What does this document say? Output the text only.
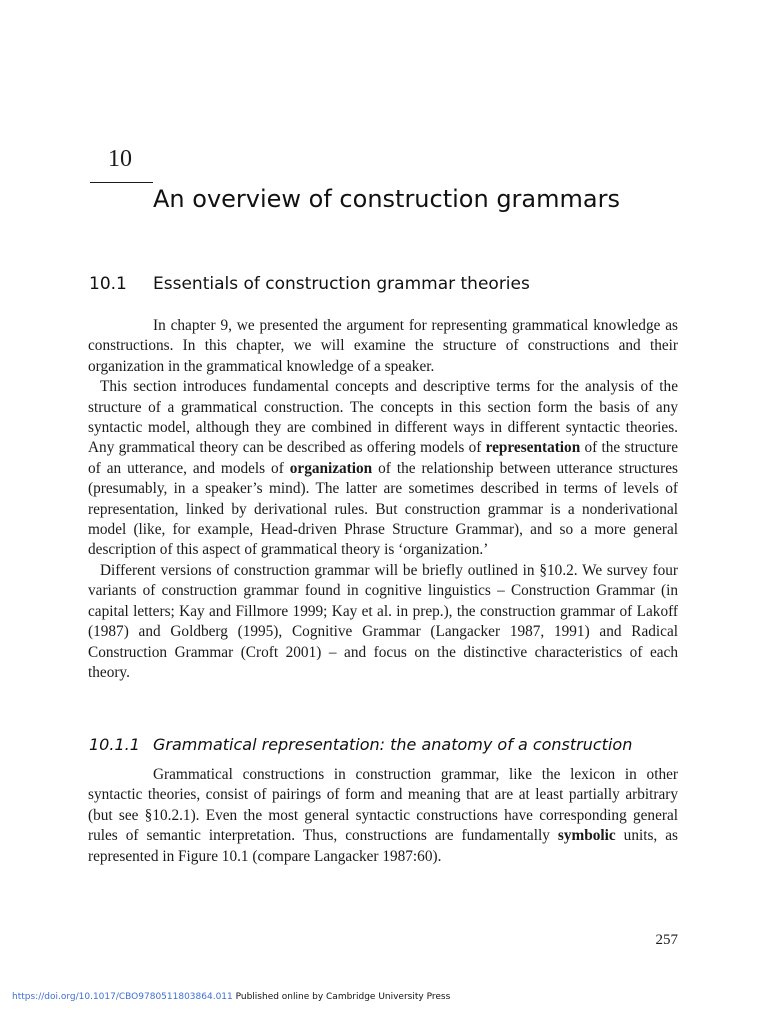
10
An overview of construction grammars
10.1 Essentials of construction grammar theories

In chapter 9, we presented the argument for representing grammatical knowledge as constructions. In this chapter, we will examine the structure of constructions and their organization in the grammatical knowledge of a speaker.

This section introduces fundamental concepts and descriptive terms for the analysis of the structure of a grammatical construction. The concepts in this section form the basis of any syntactic model, although they are combined in different ways in different syntactic theories. Any grammatical theory can be described as offering models of representation of the structure of an utterance, and models of organization of the relationship between utterance structures (presumably, in a speaker’s mind). The latter are sometimes described in terms of levels of representation, linked by derivational rules. But construction grammar is a nonderivational model (like, for example, Head-driven Phrase Structure Grammar), and so a more general description of this aspect of grammatical theory is ‘organization.’

Different versions of construction grammar will be briefly outlined in §10.2. We survey four variants of construction grammar found in cognitive linguistics – Construction Grammar (in capital letters; Kay and Fillmore 1999; Kay et al. in prep.), the construction grammar of Lakoff (1987) and Goldberg (1995), Cognitive Grammar (Langacker 1987, 1991) and Radical Construction Grammar (Croft 2001) – and focus on the distinctive characteristics of each theory.

10.1.1 Grammatical representation: the anatomy of a construction

Grammatical constructions in construction grammar, like the lexicon in other syntactic theories, consist of pairings of form and meaning that are at least partially arbitrary (but see §10.2.1). Even the most general syntactic constructions have corresponding general rules of semantic interpretation. Thus, constructions are fundamentally symbolic units, as represented in Figure 10.1 (compare Langacker 1987:60).

257
https://doi.org/10.1017/CBO9780511803864.011 Published online by Cambridge University Press
